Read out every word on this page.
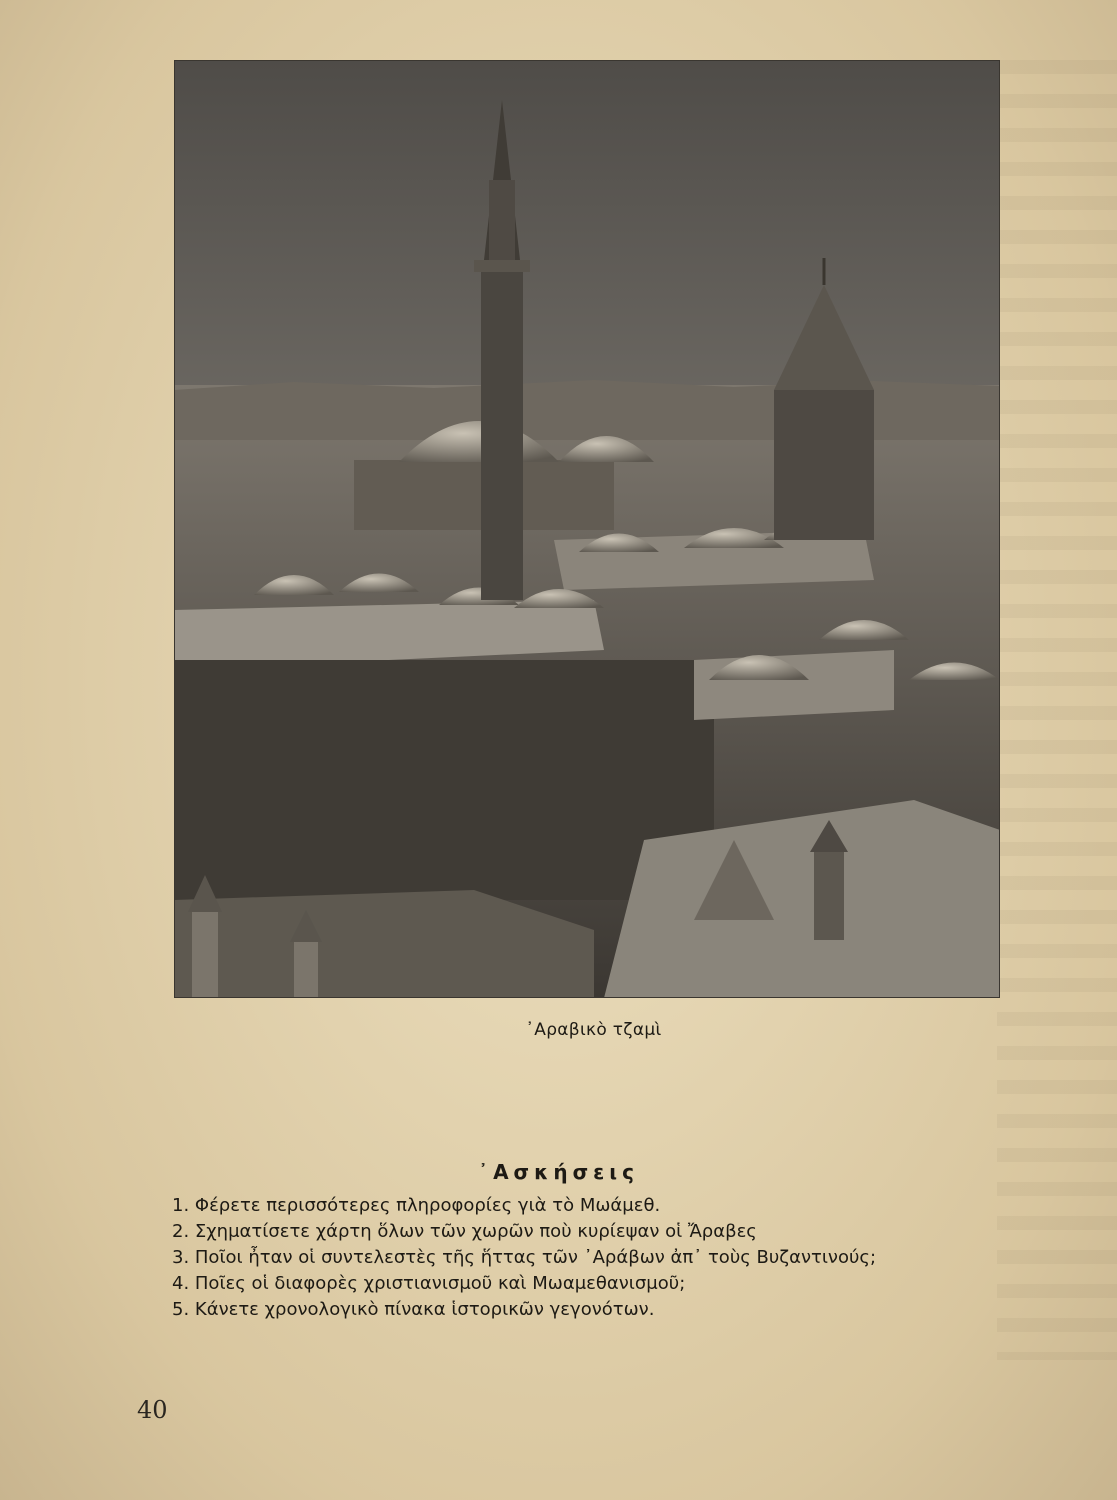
᾿Αραβικὸ τζαμὶ
᾿Ασκήσεις
1. Φέρετε περισσότερες πληροφορίες γιὰ τὸ Μωάμεθ.
2. Σχηματίσετε χάρτη ὅλων τῶν χωρῶν ποὺ κυρίεψαν οἱ Ἄραβες
3. Ποῖοι ἦταν οἱ συντελεστὲς τῆς ἥττας τῶν ᾿Αράβων ἀπ᾿ τοὺς Βυζαντινούς;
4. Ποῖες οἱ διαφορὲς χριστιανισμοῦ καὶ Μωαμεθανισμοῦ;
5. Κάνετε χρονολογικὸ πίνακα ἱστορικῶν γεγονότων.
40
